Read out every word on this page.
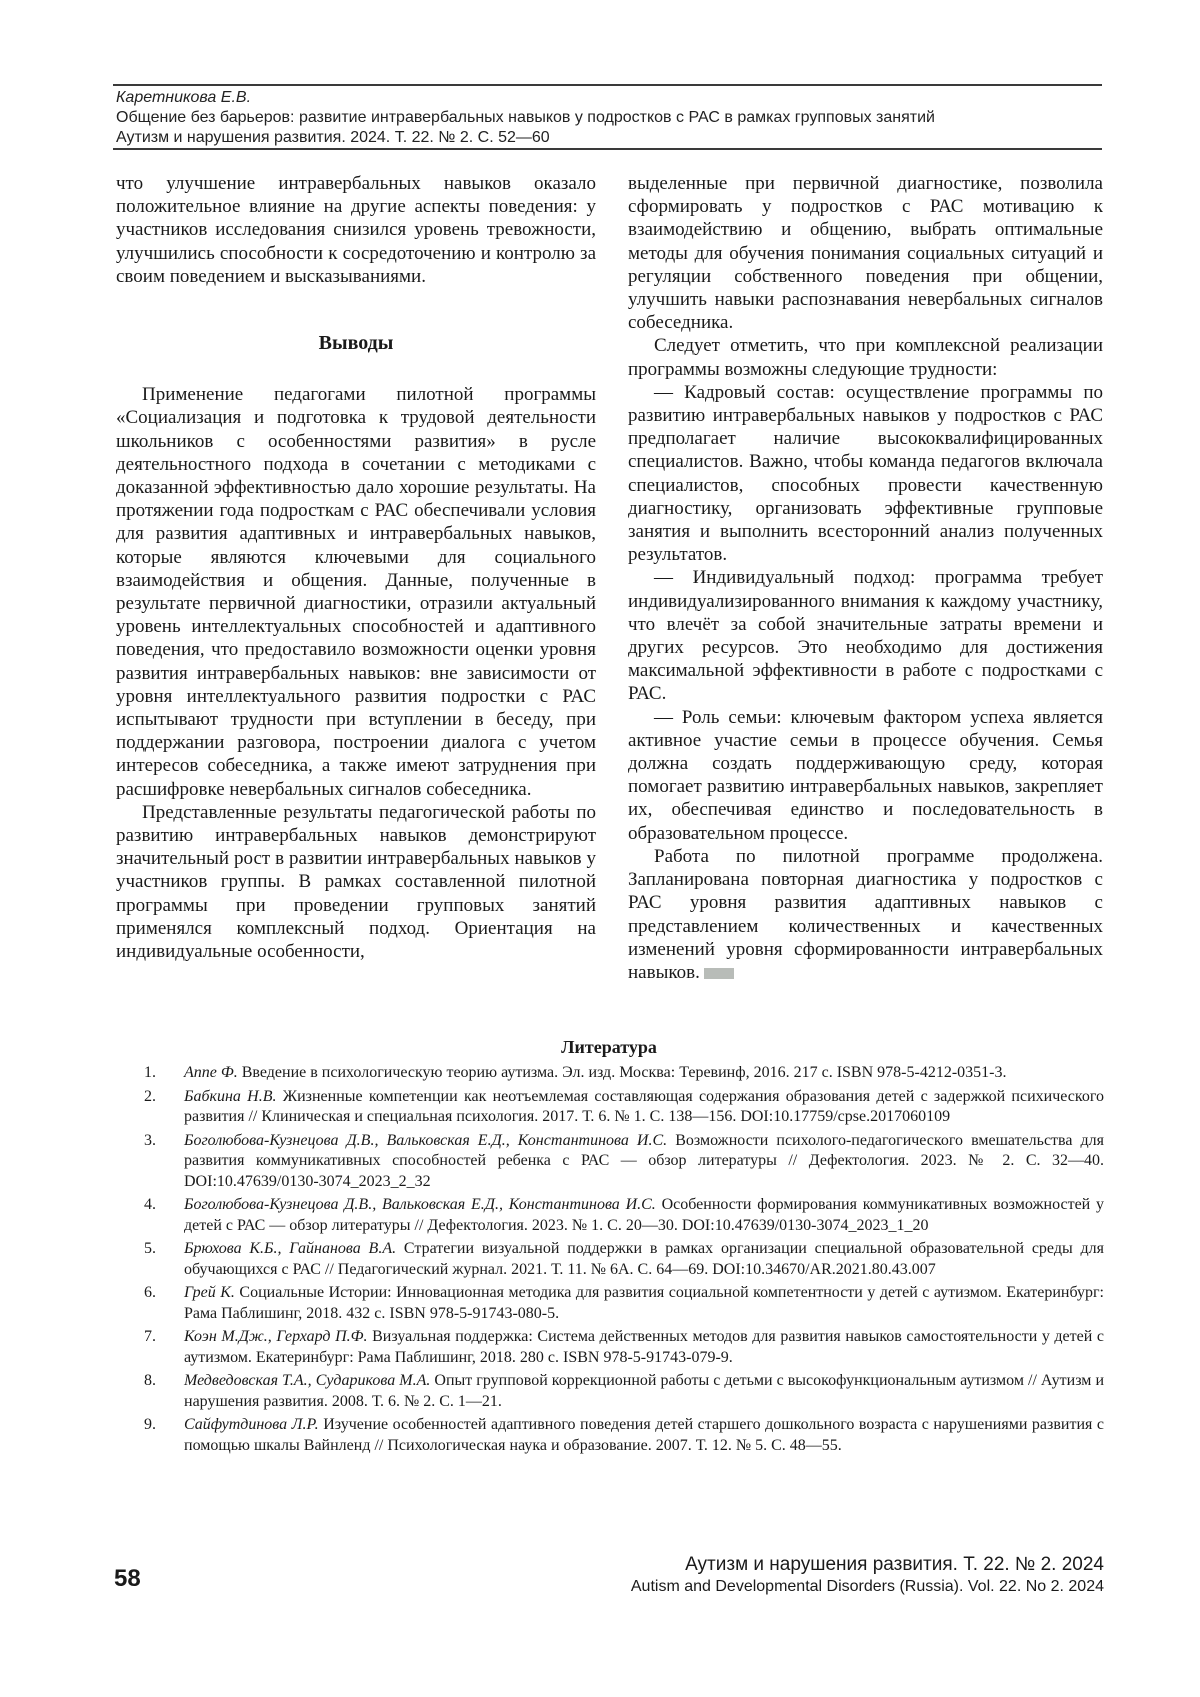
Каретникова Е.В.
Общение без барьеров: развитие интравербальных навыков у подростков с РАС в рамках групповых занятий
Аутизм и нарушения развития. 2024. Т. 22. № 2. С. 52—60

что улучшение интравербальных навыков оказало положительное влияние на другие аспекты поведения: у участников исследования снизился уровень тревожности, улучшились способности к сосредоточению и контролю за своим поведением и высказываниями.

Выводы

Применение педагогами пилотной программы «Социализация и подготовка к трудовой деятельности школьников с особенностями развития» в русле деятельностного подхода в сочетании с методиками с доказанной эффективностью дало хорошие результаты. На протяжении года подросткам с РАС обеспечивали условия для развития адаптивных и интравербальных навыков, которые являются ключевыми для социального взаимодействия и общения. Данные, полученные в результате первичной диагностики, отразили актуальный уровень интеллектуальных способностей и адаптивного поведения, что предоставило возможности оценки уровня развития интравербальных навыков: вне зависимости от уровня интеллектуального развития подростки с РАС испытывают трудности при вступлении в беседу, при поддержании разговора, построении диалога с учетом интересов собеседника, а также имеют затруднения при расшифровке невербальных сигналов собеседника.

Представленные результаты педагогической работы по развитию интравербальных навыков демонстрируют значительный рост в развитии интравербальных навыков у участников группы. В рамках составленной пилотной программы при проведении групповых занятий применялся комплексный подход. Ориентация на индивидуальные особенности,

выделенные при первичной диагностике, позволила сформировать у подростков с РАС мотивацию к взаимодействию и общению, выбрать оптимальные методы для обучения понимания социальных ситуаций и регуляции собственного поведения при общении, улучшить навыки распознавания невербальных сигналов собеседника.

Следует отметить, что при комплексной реализации программы возможны следующие трудности:

— Кадровый состав: осуществление программы по развитию интравербальных навыков у подростков с РАС предполагает наличие высококвалифицированных специалистов. Важно, чтобы команда педагогов включала специалистов, способных провести качественную диагностику, организовать эффективные групповые занятия и выполнить всесторонний анализ полученных результатов.

— Индивидуальный подход: программа требует индивидуализированного внимания к каждому участнику, что влечёт за собой значительные затраты времени и других ресурсов. Это необходимо для достижения максимальной эффективности в работе с подростками с РАС.

— Роль семьи: ключевым фактором успеха является активное участие семьи в процессе обучения. Семья должна создать поддерживающую среду, которая помогает развитию интравербальных навыков, закрепляет их, обеспечивая единство и последовательность в образовательном процессе.

Работа по пилотной программе продолжена. Запланирована повторная диагностика у подростков с РАС уровня развития адаптивных навыков с представлением количественных и качественных изменений уровня сформированности интравербальных навыков.

Литература
1. Аппе Ф. Введение в психологическую теорию аутизма. Эл. изд. Москва: Теревинф, 2016. 217 с. ISBN 978-5-4212-0351-3.
2. Бабкина Н.В. Жизненные компетенции как неотъемлемая составляющая содержания образования детей с задержкой психического развития // Клиническая и специальная психология. 2017. Т. 6. № 1. С. 138—156. DOI:10.17759/cpse.2017060109
3. Боголюбова-Кузнецова Д.В., Вальковская Е.Д., Константинова И.С. Возможности психолого-педагогического вмешательства для развития коммуникативных способностей ребенка с РАС — обзор литературы // Дефектология. 2023. № 2. С. 32—40. DOI:10.47639/0130-3074_2023_2_32
4. Боголюбова-Кузнецова Д.В., Вальковская Е.Д., Константинова И.С. Особенности формирования коммуникативных возможностей у детей с РАС — обзор литературы // Дефектология. 2023. № 1. С. 20—30. DOI:10.47639/0130-3074_2023_1_20
5. Брюхова К.Б., Гайнанова В.А. Стратегии визуальной поддержки в рамках организации специальной образовательной среды для обучающихся с РАС // Педагогический журнал. 2021. Т. 11. № 6А. С. 64—69. DOI:10.34670/AR.2021.80.43.007
6. Грей К. Социальные Истории: Инновационная методика для развития социальной компетентности у детей с аутизмом. Екатеринбург: Рама Паблишинг, 2018. 432 с. ISBN 978-5-91743-080-5.
7. Коэн М.Дж., Герхард П.Ф. Визуальная поддержка: Система действенных методов для развития навыков самостоятельности у детей с аутизмом. Екатеринбург: Рама Паблишинг, 2018. 280 с. ISBN 978-5-91743-079-9.
8. Медведовская Т.А., Сударикова М.А. Опыт групповой коррекционной работы с детьми с высокофункциональным аутизмом // Аутизм и нарушения развития. 2008. Т. 6. № 2. С. 1—21.
9. Сайфутдинова Л.Р. Изучение особенностей адаптивного поведения детей старшего дошкольного возраста с нарушениями развития с помощью шкалы Вайнленд // Психологическая наука и образование. 2007. Т. 12. № 5. С. 48—55.
58
Аутизм и нарушения развития. Т. 22. № 2. 2024
Autism and Developmental Disorders (Russia). Vol. 22. No 2. 2024
